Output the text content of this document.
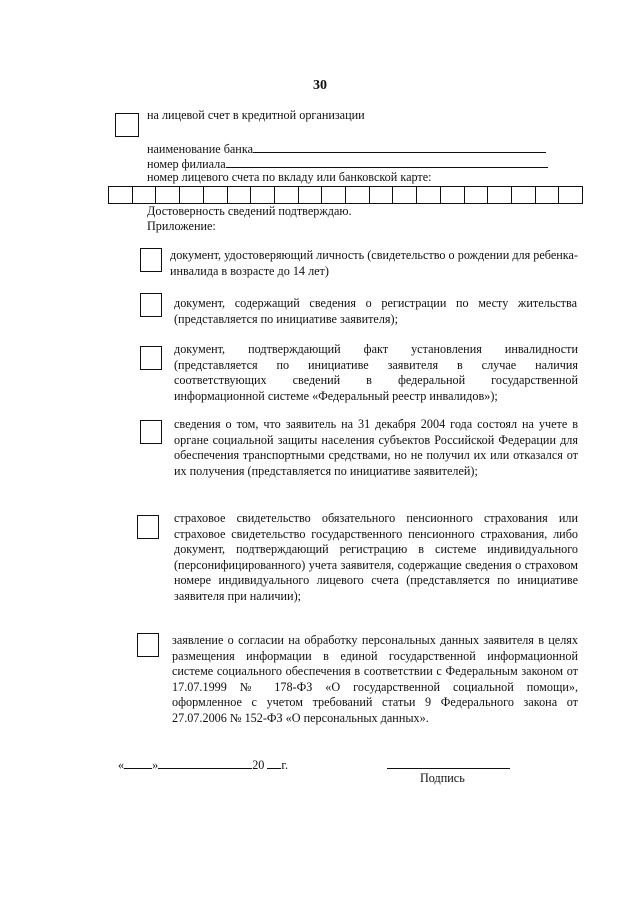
30
на лицевой счет в кредитной организации
наименование банка
номер филиала
номер лицевого счета по вкладу или банковской карте:
Достоверность сведений подтверждаю.
Приложение:
документ, удостоверяющий личность (свидетельство о рождении для ребенка-инвалида в возрасте до 14 лет)
документ, содержащий сведения о регистрации по месту жительства (представляется по инициативе заявителя);
документ, подтверждающий факт установления инвалидности (представляется по инициативе заявителя в случае наличия соответствующих сведений в федеральной государственной информационной системе «Федеральный реестр инвалидов»);
сведения о том, что заявитель на 31 декабря 2004 года состоял на учете в органе социальной защиты населения субъектов Российской Федерации для обеспечения транспортными средствами, но не получил их или отказался от их получения (представляется по инициативе заявителей);
страховое свидетельство обязательного пенсионного страхования или страховое свидетельство государственного пенсионного страхования, либо документ, подтверждающий регистрацию в системе индивидуального (персонифицированного) учета заявителя, содержащие сведения о страховом номере индивидуального лицевого счета (представляется по инициативе заявителя при наличии);
заявление о согласии на обработку персональных данных заявителя в целях размещения информации в единой государственной информационной системе социального обеспечения в соответствии с Федеральным законом от 17.07.1999 № 178-ФЗ «О государственной социальной помощи», оформленное с учетом требований статьи 9 Федерального закона от 27.07.2006 № 152-ФЗ «О персональных данных».
« »	20 г.
Подпись
